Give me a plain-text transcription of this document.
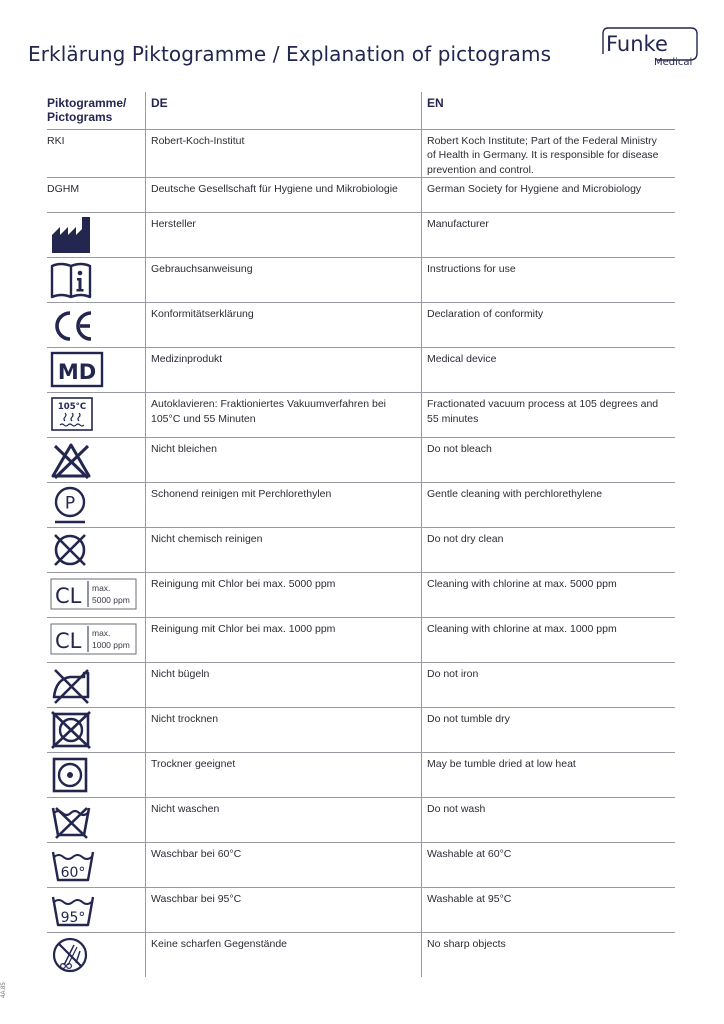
Erklärung Piktogramme / Explanation of pictograms	Funke
Medical
4A.85
Piktogramme/ Pictograms	DE	EN
RKI	Robert-Koch-Institut	Robert Koch Institute; Part of the Federal Ministry of Health in Germany. It is responsible for disease prevention and control.
DGHM	Deutsche Gesellschaft für Hygiene und Mikrobiologie	German Society for Hygiene and Microbiology

	Hersteller	Manufacturer

	Gebrauchsanweisung	Instructions for use

	Konformitätserklärung	Declaration of conformity

MD	Medizinprodukt	Medical device

105°C	Autoklavieren: Fraktioniertes Vakuumverfahren bei 105°C und 55 Minuten	Fractionated vacuum process at 105 degrees and 55 minutes

	Nicht bleichen	Do not bleach

P	Schonend reinigen mit Perchlorethylen	Gentle cleaning with perchlorethylene

	Nicht chemisch reinigen	Do not dry clean

CL max.
5000 ppm	Reinigung mit Chlor bei max. 5000 ppm	Cleaning with chlorine at max. 5000 ppm

CL max.
1000 ppm	Reinigung mit Chlor bei max. 1000 ppm	Cleaning with chlorine at max. 1000 ppm

	Nicht bügeln	Do not iron

	Nicht trocknen	Do not tumble dry

	Trockner geeignet	May be tumble dried at low heat

	Nicht waschen	Do not wash

60°	Waschbar bei 60°C	Washable at 60°C

95°	Waschbar bei 95°C	Washable at 95°C

	Keine scharfen Gegenstände	No sharp objects
